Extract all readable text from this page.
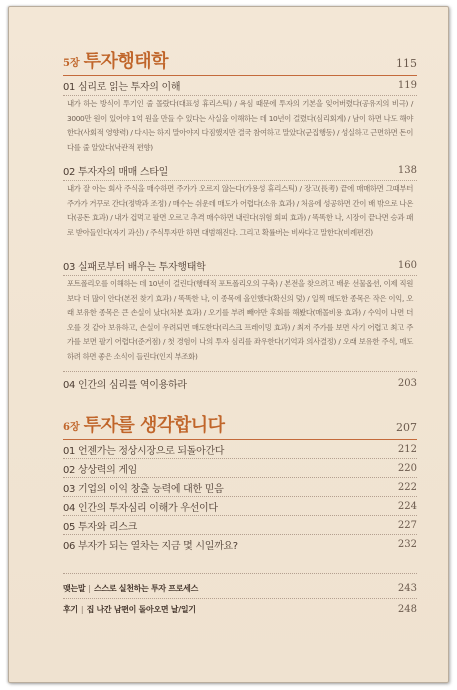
5장 투자행태학	115
01 심리로 읽는 투자의 이해	119
내가 하는 방식이 투기인 줄 몰랐다(대표성 휴리스틱) / 욕심 때문에 투자의 기본을 잊어버렸다(공유지의 비극) / 3000만 원이 있어야 1억 원을 만들 수 있다는 사실을 이해하는 데 10년이 걸렸다(심리회계) / 남이 하면 나도 해야 한다(사회적 영향력) / 다시는 하지 말아야지 다짐했지만 결국 참여하고 말았다(군집행동) / 성실하고 근면하면 돈이 다를 줄 알았다(낙관적 편향)
02 투자자의 매매 스타일	138
내가 잘 아는 회사 주식을 매수하면 주가가 오르지 않는다(가용성 휴리스틱) / 장고(長考) 끝에 매매하면 그때부터 주가가 거꾸로 간다(정박과 조정) / 매수는 쉬운데 매도가 어렵다(소유 효과) / 처음에 성공하면 간이 배 밖으로 나온다(공돈 효과) / 내가 겁먹고 팔면 오르고 추격 매수하면 내린다(위험 회피 효과) / 똑똑한 나, 시장이 끝나면 승과 패로 받아들인다(자기 과신) / 주식투자만 하면 대범해진다. 그리고 확률버는 비싸다고 말한다(비례편견)
03 실패로부터 배우는 투자행태학	160
포트폴리오를 이해하는 데 10년이 걸린다(행태적 포트폴리오의 구축) / 본전을 찾으려고 배운 선물옵션, 이제 직원보다 더 많이 안다(본전 찾기 효과) / 똑똑한 나, 이 종목에 올인했다(확신의 덫) / 일찍 매도한 종목은 작은 이익, 오래 보유한 종목은 큰 손실이 났다(처분 효과) / 오기를 부려 빼야만 후회를 해봤다(매몰비용 효과) / 수익이 나면 더 오를 것 같아 보유하고, 손실이 우려되면 매도한다(리스크 프레이밍 효과) / 최저 주가를 보면 사기 어렵고 최고 주가를 보면 팔기 어렵다(준거점) / 첫 경험이 나의 투자 심리를 좌우한다(기억과 의사결정) / 오래 보유한 주식, 매도하려 하면 좋은 소식이 들린다(인지 부조화)
04 인간의 심리를 역이용하라	203
6장 투자를 생각합니다	207
01 언젠가는 정상시장으로 되돌아간다	212
02 상상력의 게임	220
03 기업의 이익 창출 능력에 대한 믿음	222
04 인간의 투자심리 이해가 우선이다	224
05 투자와 리스크	227
06 부자가 되는 열차는 지금 몇 시일까요?	232
맺는말 | 스스로 실천하는 투자 프로세스	243
후기 | 집 나간 남편이 돌아오면 날/일기	248
